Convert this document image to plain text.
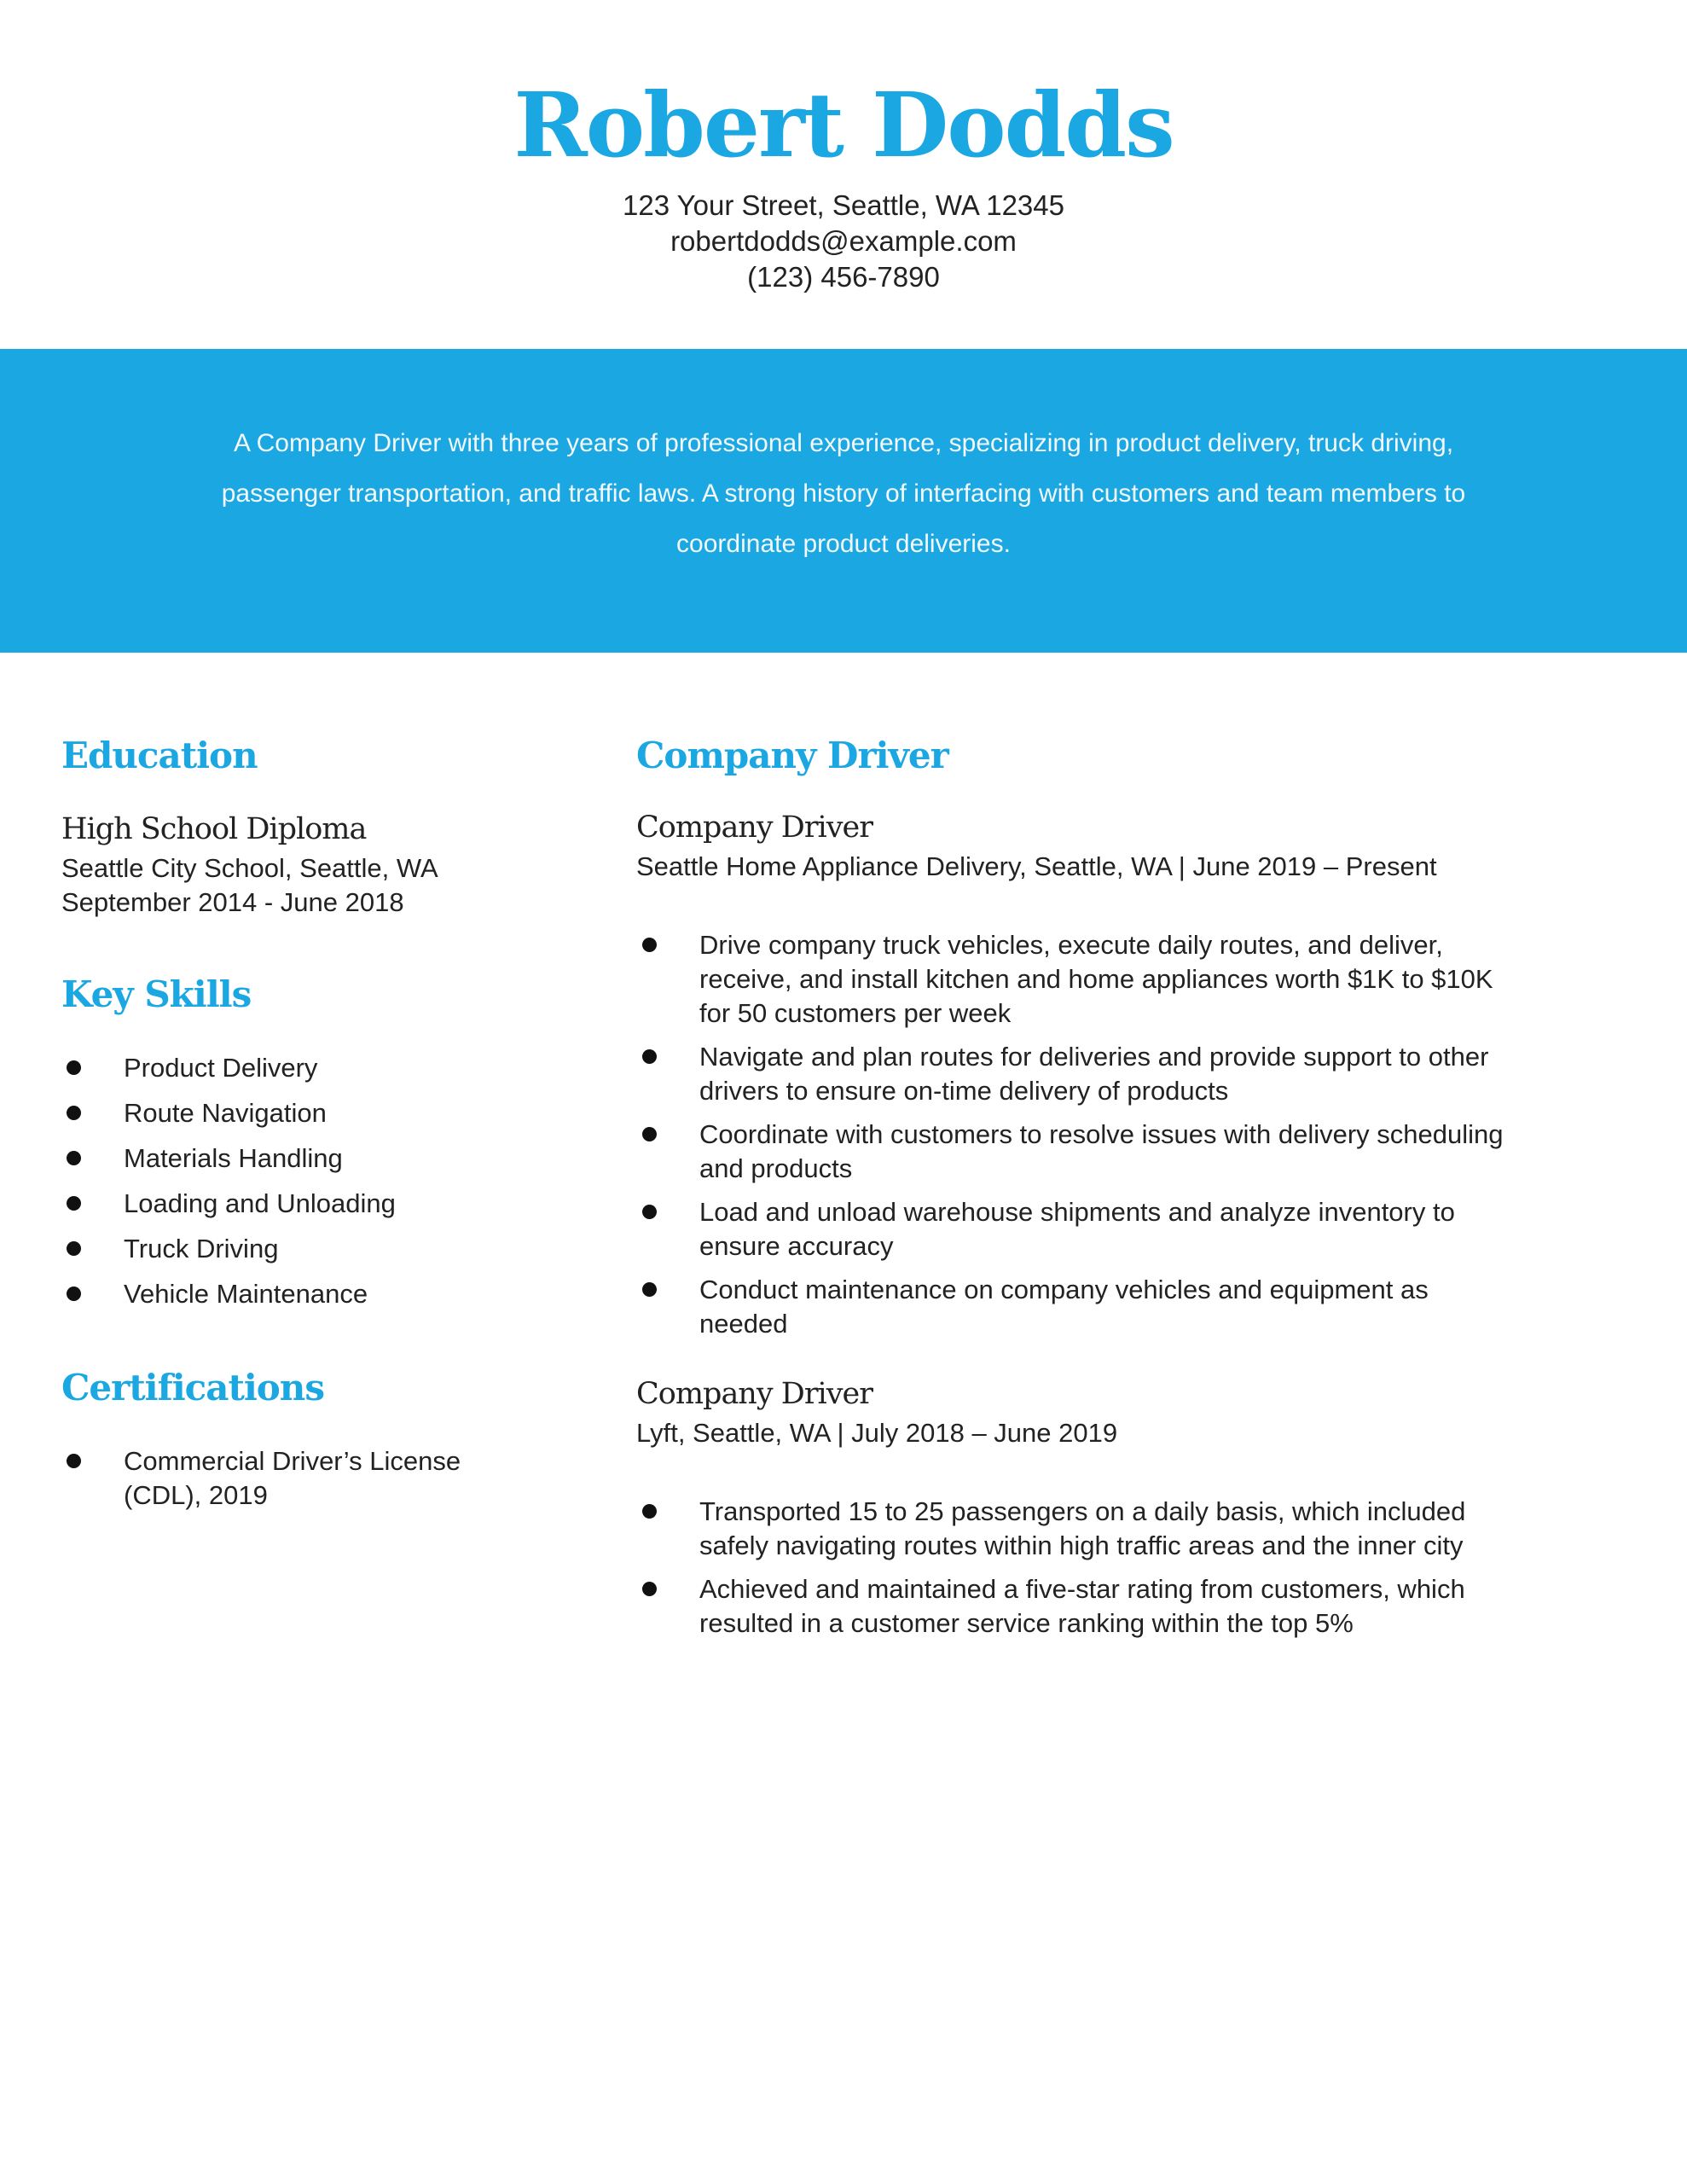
Robert Dodds
123 Your Street, Seattle, WA 12345
robertdodds@example.com
(123) 456-7890
A Company Driver with three years of professional experience, specializing in product delivery, truck driving, passenger transportation, and traffic laws. A strong history of interfacing with customers and team members to coordinate product deliveries.
Education
High School Diploma
Seattle City School, Seattle, WA
September 2014 - June 2018
Key Skills
Product Delivery
Route Navigation
Materials Handling
Loading and Unloading
Truck Driving
Vehicle Maintenance
Certifications
Commercial Driver’s License (CDL), 2019
Company Driver
Company Driver
Seattle Home Appliance Delivery, Seattle, WA | June 2019 – Present
Drive company truck vehicles, execute daily routes, and deliver, receive, and install kitchen and home appliances worth $1K to $10K for 50 customers per week
Navigate and plan routes for deliveries and provide support to other drivers to ensure on-time delivery of products
Coordinate with customers to resolve issues with delivery scheduling and products
Load and unload warehouse shipments and analyze inventory to ensure accuracy
Conduct maintenance on company vehicles and equipment as needed
Company Driver
Lyft, Seattle, WA | July 2018 – June 2019
Transported 15 to 25 passengers on a daily basis, which included safely navigating routes within high traffic areas and the inner city
Achieved and maintained a five-star rating from customers, which resulted in a customer service ranking within the top 5%
